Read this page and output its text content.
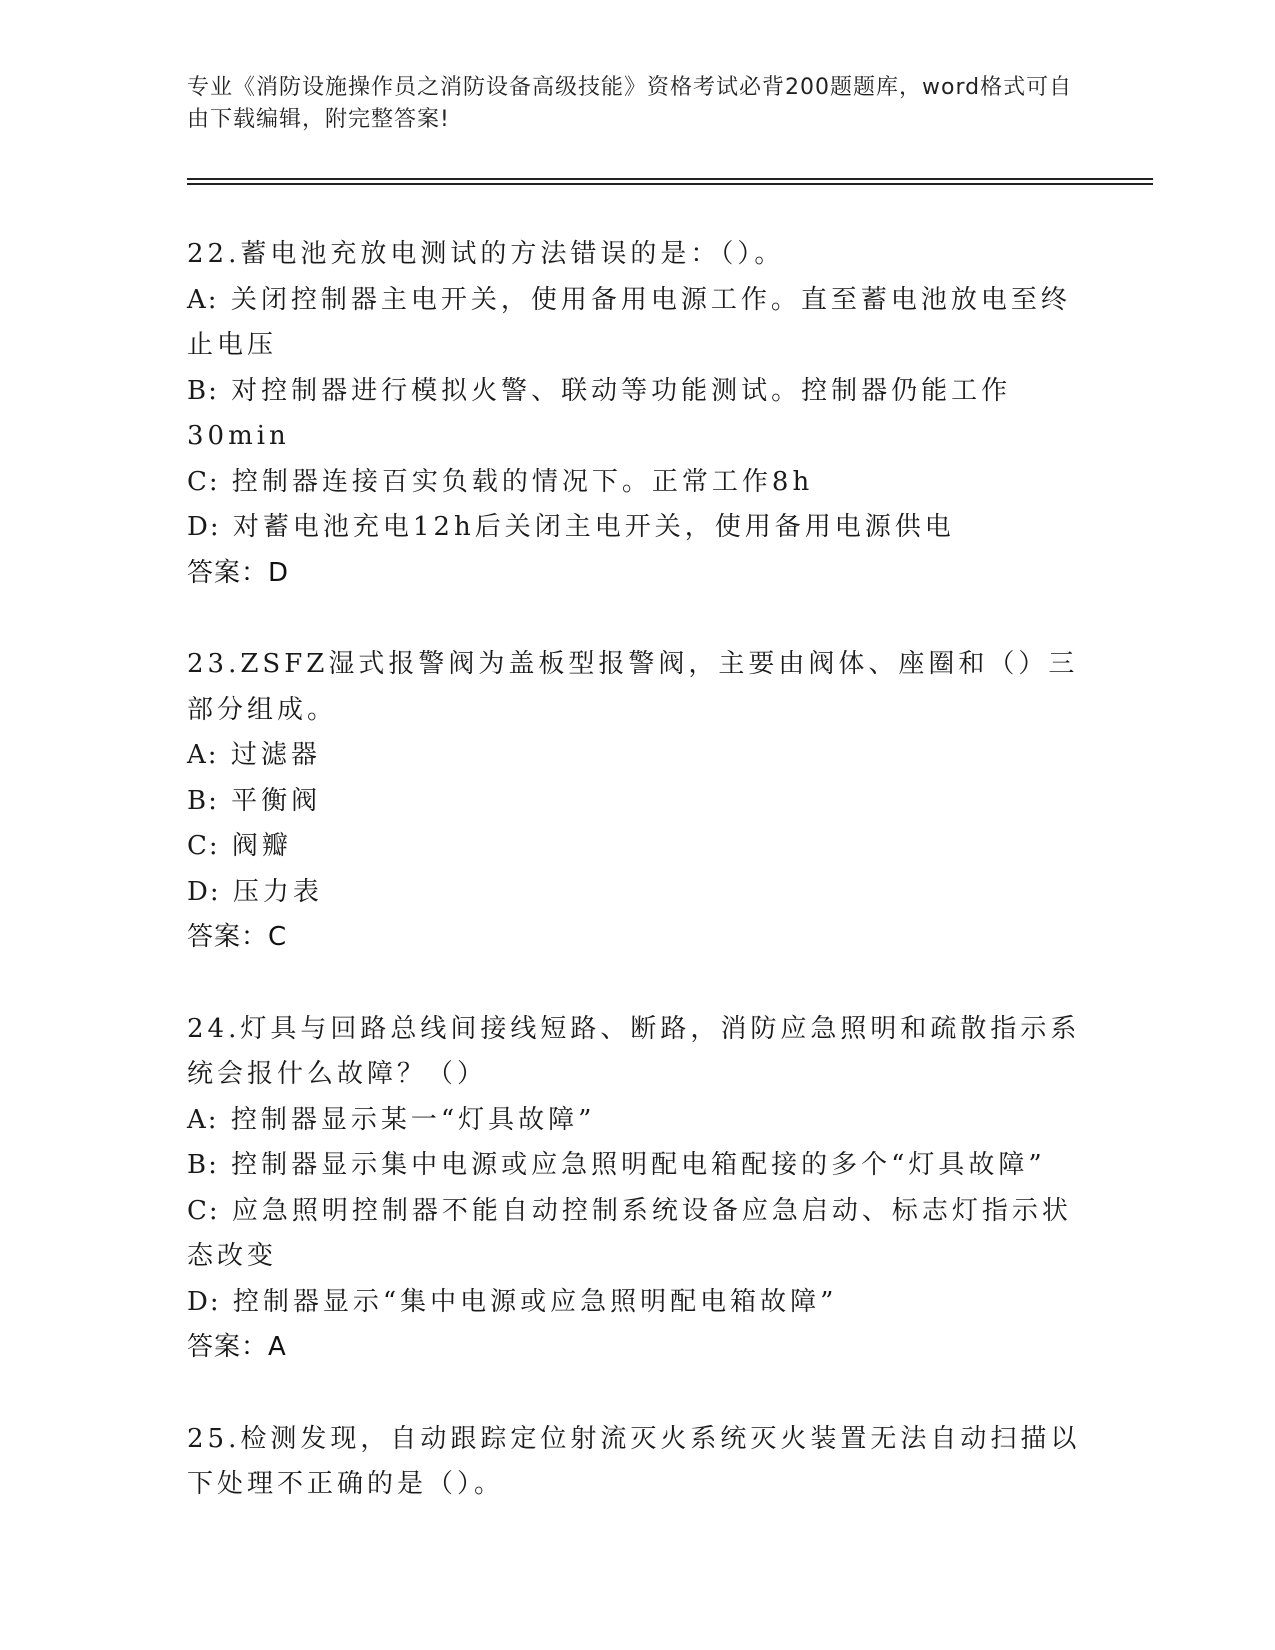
专业《消防设施操作员之消防设备高级技能》资格考试必背200题题库，word格式可自由下载编辑，附完整答案!

22.蓄电池充放电测试的方法错误的是：（）。

A: 关闭控制器主电开关，使用备用电源工作。直至蓄电池放电至终止电压

B: 对控制器进行模拟火警、联动等功能测试。控制器仍能工作30min

C: 控制器连接百实负载的情况下。正常工作8h

D: 对蓄电池充电12h后关闭主电开关，使用备用电源供电

答案：D

23.ZSFZ湿式报警阀为盖板型报警阀，主要由阀体、座圈和（）三部分组成。

A: 过滤器

B: 平衡阀

C: 阀瓣

D: 压力表

答案：C

24.灯具与回路总线间接线短路、断路，消防应急照明和疏散指示系统会报什么故障？（）

A: 控制器显示某一“灯具故障”

B: 控制器显示集中电源或应急照明配电箱配接的多个“灯具故障”

C: 应急照明控制器不能自动控制系统设备应急启动、标志灯指示状态改变

D: 控制器显示“集中电源或应急照明配电箱故障”

答案：A

25.检测发现，自动跟踪定位射流灭火系统灭火装置无法自动扫描以下处理不正确的是（）。
